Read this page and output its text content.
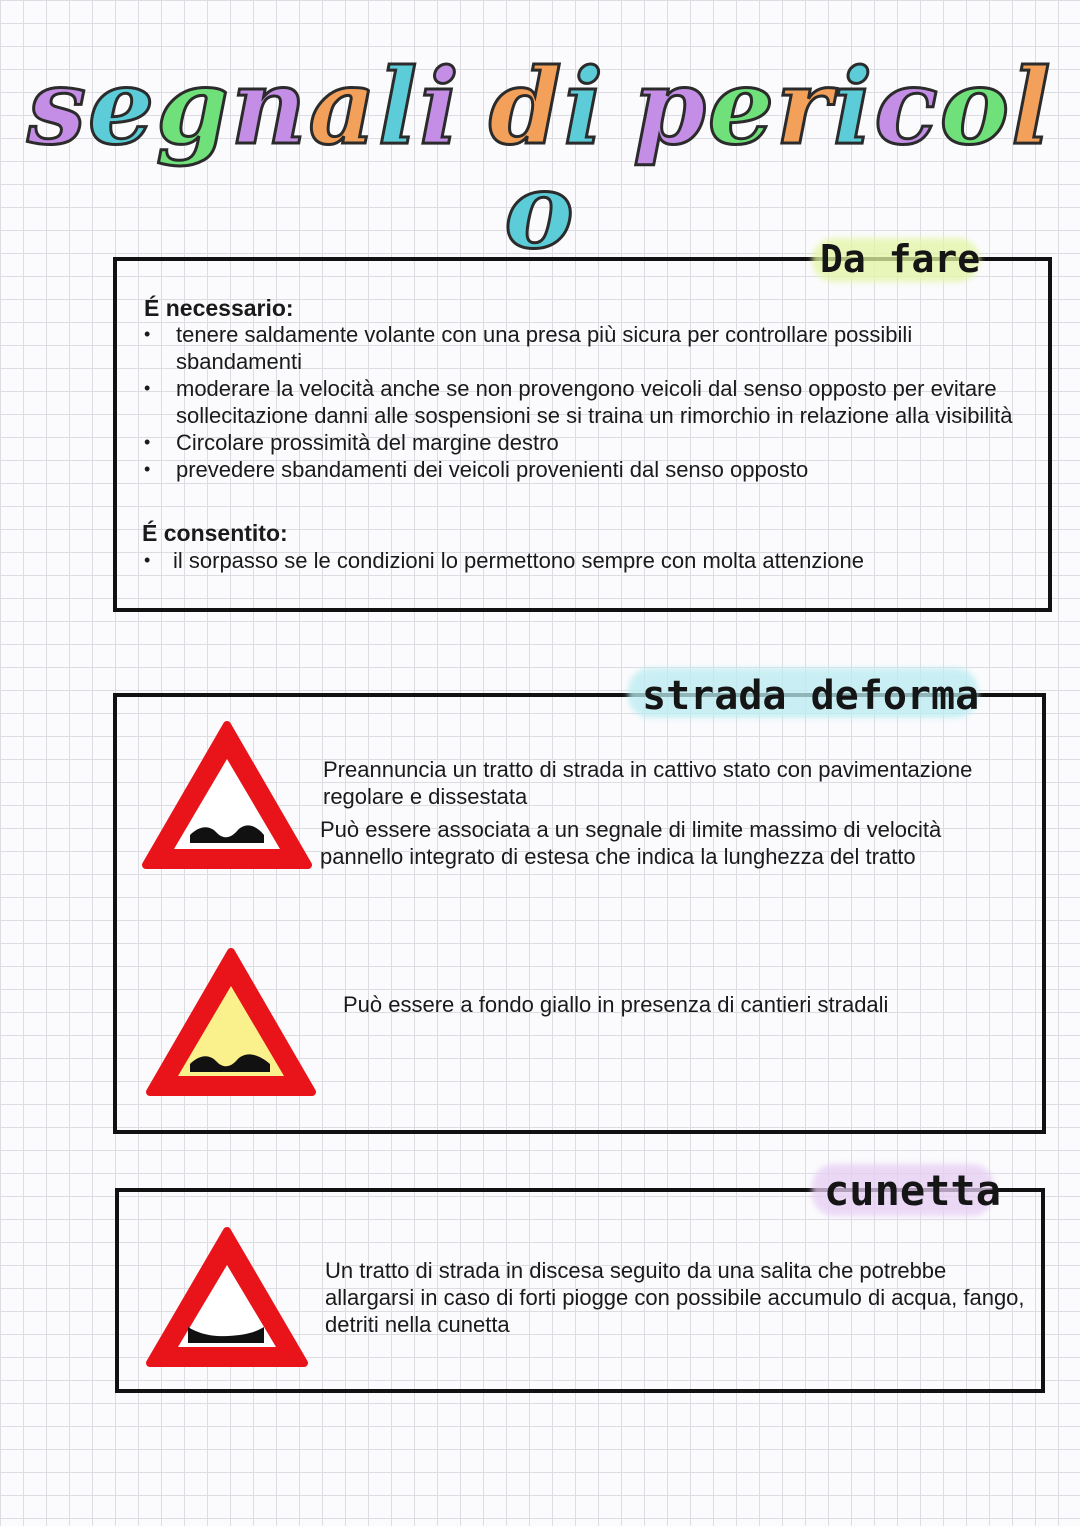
segnali di pericolo	Da fare
É necessario:
• tenere saldamente volante con una presa più sicura per controllare possibili sbandamenti
• moderare la velocità anche se non provengono veicoli dal senso opposto per evitare sollecitazione danni alle sospensioni se si traina un rimorchio in relazione alla visibilità
• Circolare prossimità del margine destro
• prevedere sbandamenti dei veicoli provenienti dal senso opposto
É consentito:
• il sorpasso se le condizioni lo permettono sempre con molta attenzione
strada deforma
Preannuncia un tratto di strada in cattivo stato con pavimentazione regolare e dissestata
Può essere associata a un segnale di limite massimo di velocità pannello integrato di estesa che indica la lunghezza del tratto
Può essere a fondo giallo in presenza di cantieri stradali
cunetta
Un tratto di strada in discesa seguito da una salita che potrebbe allargarsi in caso di forti piogge con possibile accumulo di acqua, fango, detriti nella cunetta
